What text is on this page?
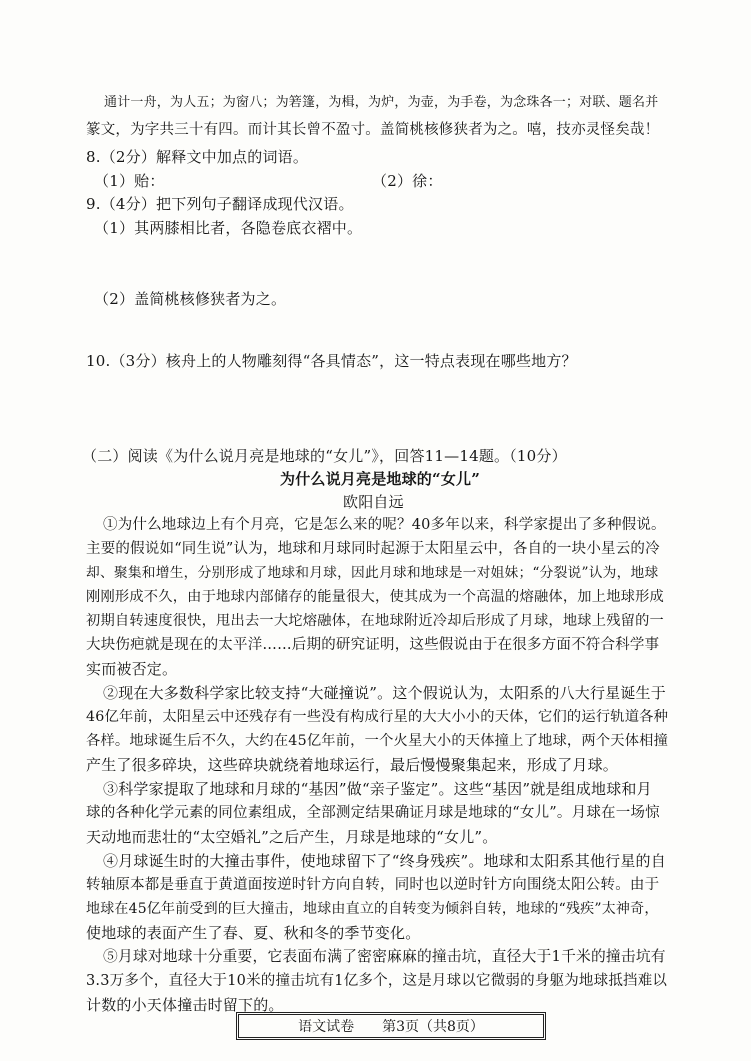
通计一舟，为人五；为窗八；为箬篷，为楫，为炉，为壶，为手卷，为念珠各一；对联、题名并
篆文，为字共三十有四。而计其长曾不盈寸。盖简桃核修狭者为之。嘻，技亦灵怪矣哉！
8.（2分）解释文中加点的词语。
（1）贻：	（2）徐：
9.（4分）把下列句子翻译成现代汉语。
（1）其两膝相比者，各隐卷底衣褶中。
（2）盖简桃核修狭者为之。
10.（3分）核舟上的人物雕刻得“各具情态”，这一特点表现在哪些地方？
（二）阅读《为什么说月亮是地球的“女儿”》，回答11—14题。（10分）
为什么说月亮是地球的“女儿”
欧阳自远
①为什么地球边上有个月亮，它是怎么来的呢？40多年以来，科学家提出了多种假说。
主要的假说如“同生说”认为，地球和月球同时起源于太阳星云中，各自的一块小星云的冷
却、聚集和增生，分别形成了地球和月球，因此月球和地球是一对姐妹；“分裂说”认为，地球
刚刚形成不久，由于地球内部储存的能量很大，使其成为一个高温的熔融体，加上地球形成
初期自转速度很快，甩出去一大坨熔融体，在地球附近冷却后形成了月球，地球上残留的一
大块伤疤就是现在的太平洋……后期的研究证明，这些假说由于在很多方面不符合科学事
实而被否定。
②现在大多数科学家比较支持“大碰撞说”。这个假说认为，太阳系的八大行星诞生于
46亿年前，太阳星云中还残存有一些没有构成行星的大大小小的天体，它们的运行轨道各种
各样。地球诞生后不久，大约在45亿年前，一个火星大小的天体撞上了地球，两个天体相撞
产生了很多碎块，这些碎块就绕着地球运行，最后慢慢聚集起来，形成了月球。
③科学家提取了地球和月球的“基因”做“亲子鉴定”。这些“基因”就是组成地球和月
球的各种化学元素的同位素组成，全部测定结果确证月球是地球的“女儿”。月球在一场惊
天动地而悲壮的“太空婚礼”之后产生，月球是地球的“女儿”。
④月球诞生时的大撞击事件，使地球留下了“终身残疾”。地球和太阳系其他行星的自
转轴原本都是垂直于黄道面按逆时针方向自转，同时也以逆时针方向围绕太阳公转。由于
地球在45亿年前受到的巨大撞击，地球由直立的自转变为倾斜自转，地球的“残疾”太神奇，
使地球的表面产生了春、夏、秋和冬的季节变化。
⑤月球对地球十分重要，它表面布满了密密麻麻的撞击坑，直径大于1千米的撞击坑有
3.3万多个，直径大于10米的撞击坑有1亿多个，这是月球以它微弱的身躯为地球抵挡难以
计数的小天体撞击时留下的。
语文试卷 第3页（共8页）
